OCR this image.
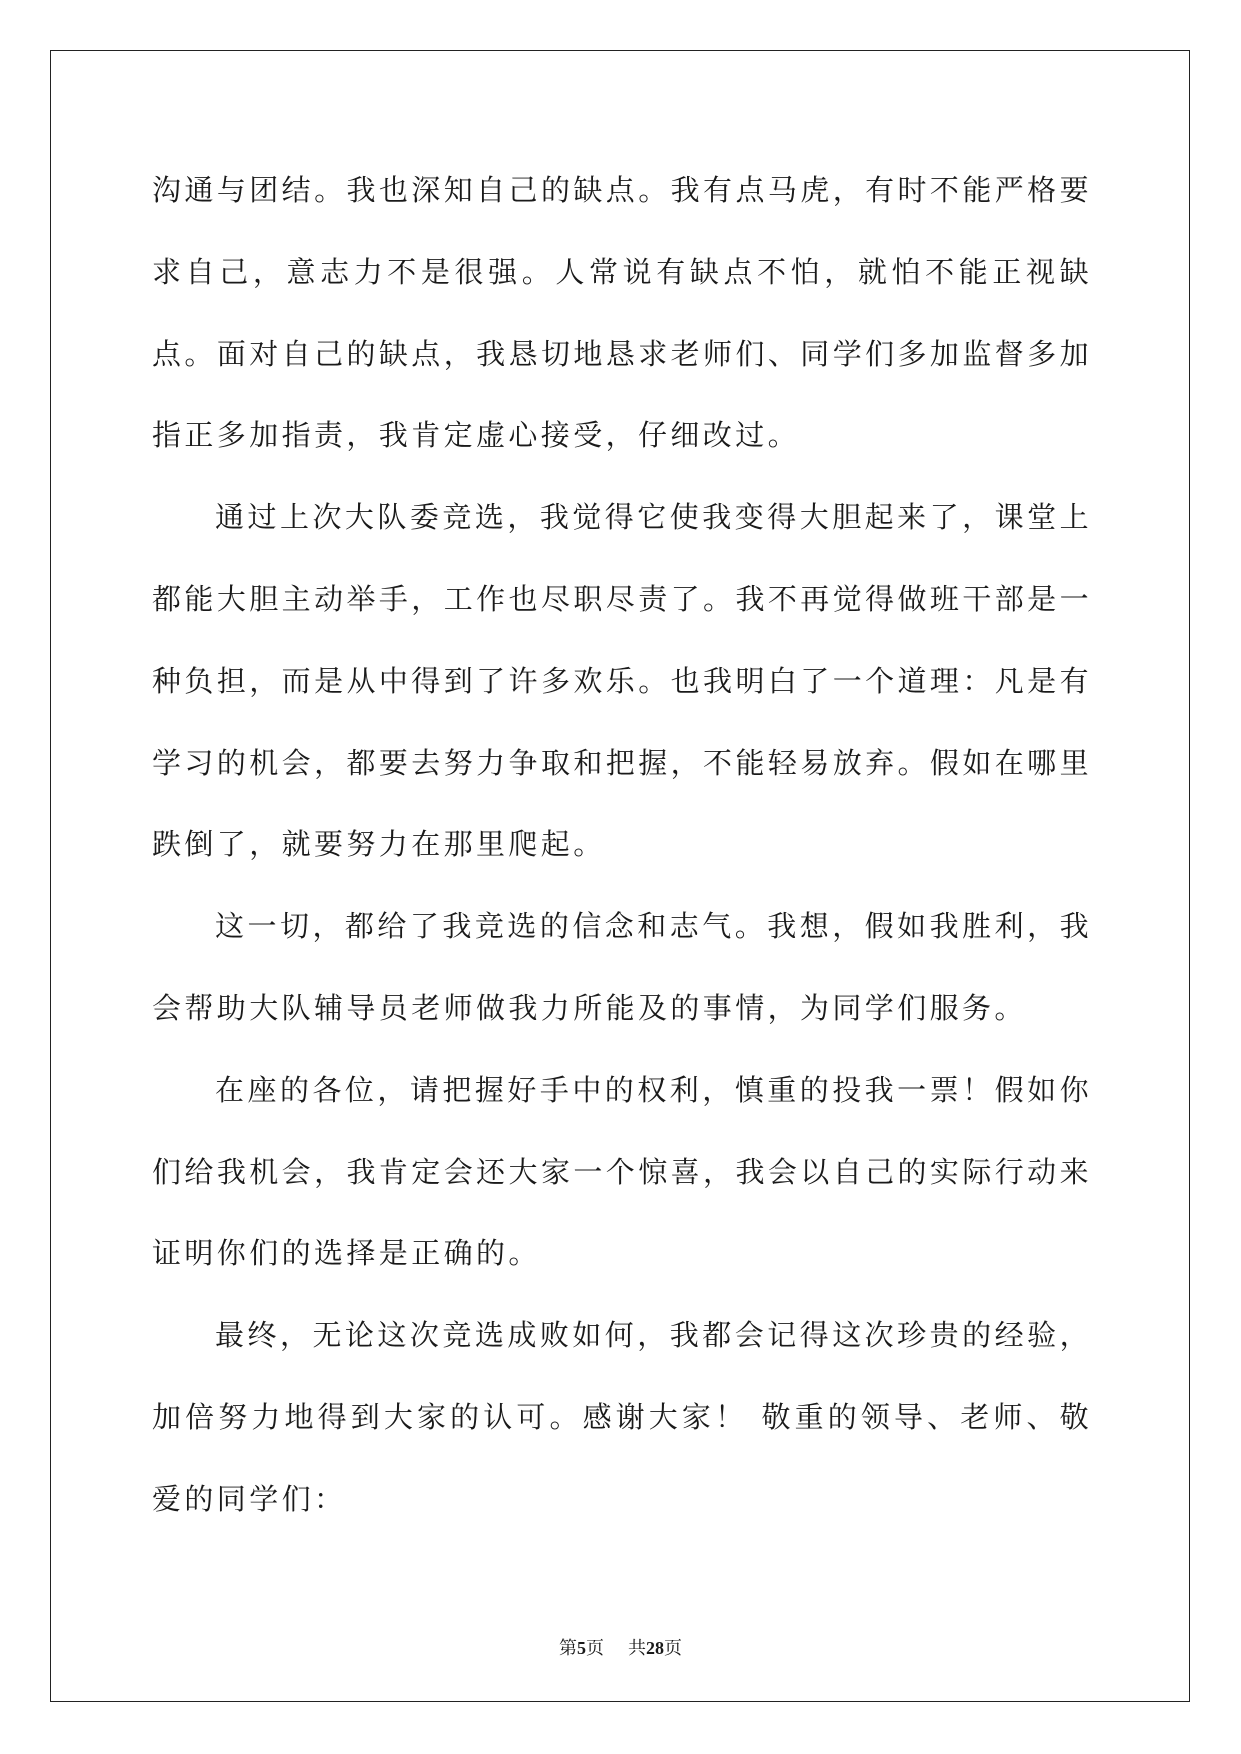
沟通与团结。我也深知自己的缺点。我有点马虎，有时不能严格要求自己，意志力不是很强。人常说有缺点不怕，就怕不能正视缺点。面对自己的缺点，我恳切地恳求老师们、同学们多加监督多加指正多加指责，我肯定虚心接受，仔细改过。

通过上次大队委竞选，我觉得它使我变得大胆起来了，课堂上都能大胆主动举手，工作也尽职尽责了。我不再觉得做班干部是一种负担，而是从中得到了许多欢乐。也我明白了一个道理：凡是有学习的机会，都要去努力争取和把握，不能轻易放弃。假如在哪里跌倒了，就要努力在那里爬起。

这一切，都给了我竞选的信念和志气。我想，假如我胜利，我会帮助大队辅导员老师做我力所能及的事情，为同学们服务。

在座的各位，请把握好手中的权利，慎重的投我一票！假如你们给我机会，我肯定会还大家一个惊喜，我会以自己的实际行动来证明你们的选择是正确的。

最终，无论这次竞选成败如何，我都会记得这次珍贵的经验，加倍努力地得到大家的认可。感谢大家！ 敬重的领导、老师、敬爱的同学们：

第5页 共28页
